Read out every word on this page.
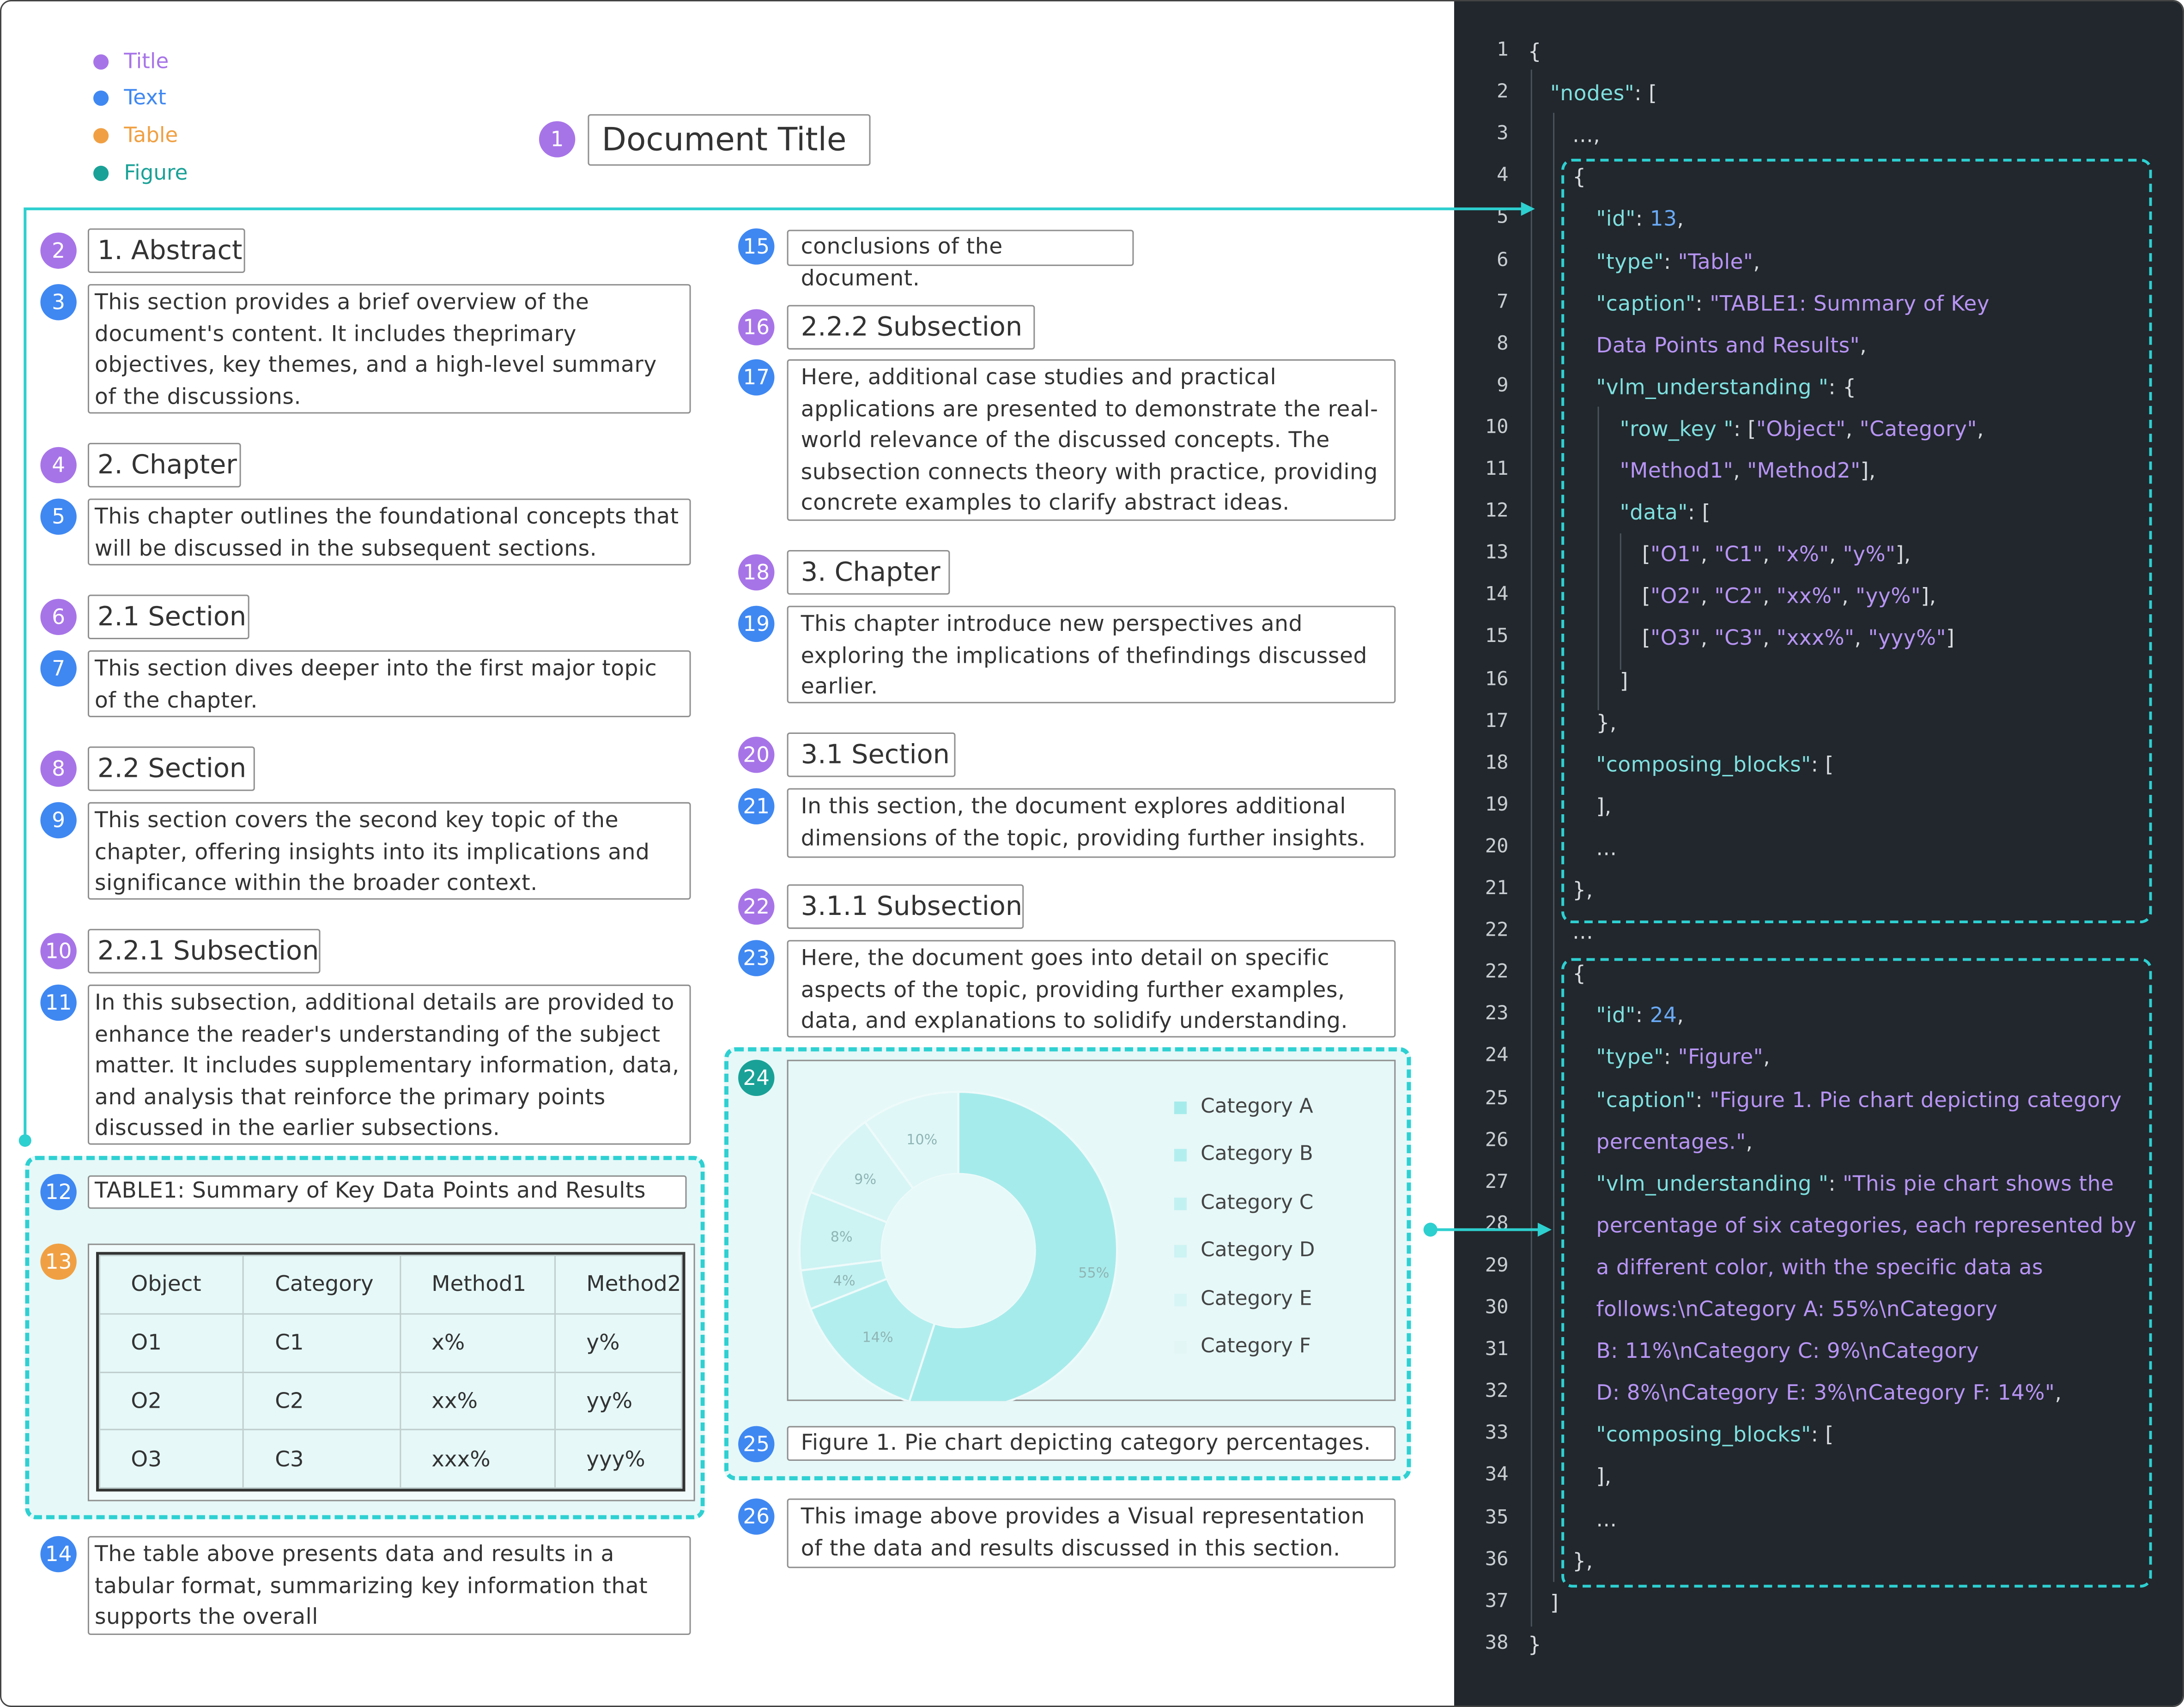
Title
Text
Table
Figure
1	Document Title
2	1. Abstract
3	This section provides a brief overview of the document's content. It includes theprimary objectives, key themes, and a high-level summary of the discussions.
4	2. Chapter
5	This chapter outlines the foundational concepts that will be discussed in the subsequent sections.
6	2.1 Section
7	This section dives deeper into the first major topic of the chapter.
8	2.2 Section
9	This section covers the second key topic of the chapter, offering insights into its implications and significance within the broader context.
10	2.2.1 Subsection
11	In this subsection, additional details are provided to enhance the reader's understanding of the subject matter. It includes supplementary information, data, and analysis that reinforce the primary points discussed in the earlier subsections.
12	TABLE1: Summary of Key Data Points and Results
13
Object	Category	Method1	Method2
O1	C1	x%	y%
O2	C2	xx%	yy%
O3	C3	xxx%	yyy%
14	The table above presents data and results in a tabular format, summarizing key information that supports the overall
15	conclusions of the document.
16	2.2.2 Subsection
17	Here, additional case studies and practical applications are presented to demonstrate the real-world relevance of the discussed concepts. The subsection connects theory with practice, providing concrete examples to clarify abstract ideas.
18	3. Chapter
19	This chapter introduce new perspectives and exploring the implications of thefindings discussed earlier.
20	3.1 Section
21	In this section, the document explores additional dimensions of the topic, providing further insights.
22	3.1.1 Subsection
23	Here, the document goes into detail on specific aspects of the topic, providing further examples, data, and explanations to solidify understanding.
24
55%
14%
4%
8%
9%
10%
Category A
Category B
Category C
Category D
Category E
Category F
25	Figure 1. Pie chart depicting category percentages.
26	This image above provides a Visual representation of the data and results discussed in this section.
1	{
2	"nodes": [
3	...,
4	{
5	"id": 13,
6	"type": "Table",
7	"caption": "TABLE1: Summary of Key
8	Data Points and Results",
9	"vlm_understanding ": {
10	"row_key ": ["Object", "Category",
11	"Method1", "Method2"],
12	"data": [
13	["O1", "C1", "x%", "y%"],
14	["O2", "C2", "xx%", "yy%"],
15	["O3", "C3", "xxx%", "yyy%"]
16	]
17	},
18	"composing_blocks": [
19	],
20	...
21	},
22	...
22	{
23	"id": 24,
24	"type": "Figure",
25	"caption": "Figure 1. Pie chart depicting category
26	percentages.",
27	"vlm_understanding ": "This pie chart shows the
28	percentage of six categories, each represented by
29	a different color, with the specific data as
30	follows:\nCategory A: 55%\nCategory
31	B: 11%\nCategory C: 9%\nCategory
32	D: 8%\nCategory E: 3%\nCategory F: 14%",
33	"composing_blocks": [
34	],
35	...
36	},
37	]
38	}
